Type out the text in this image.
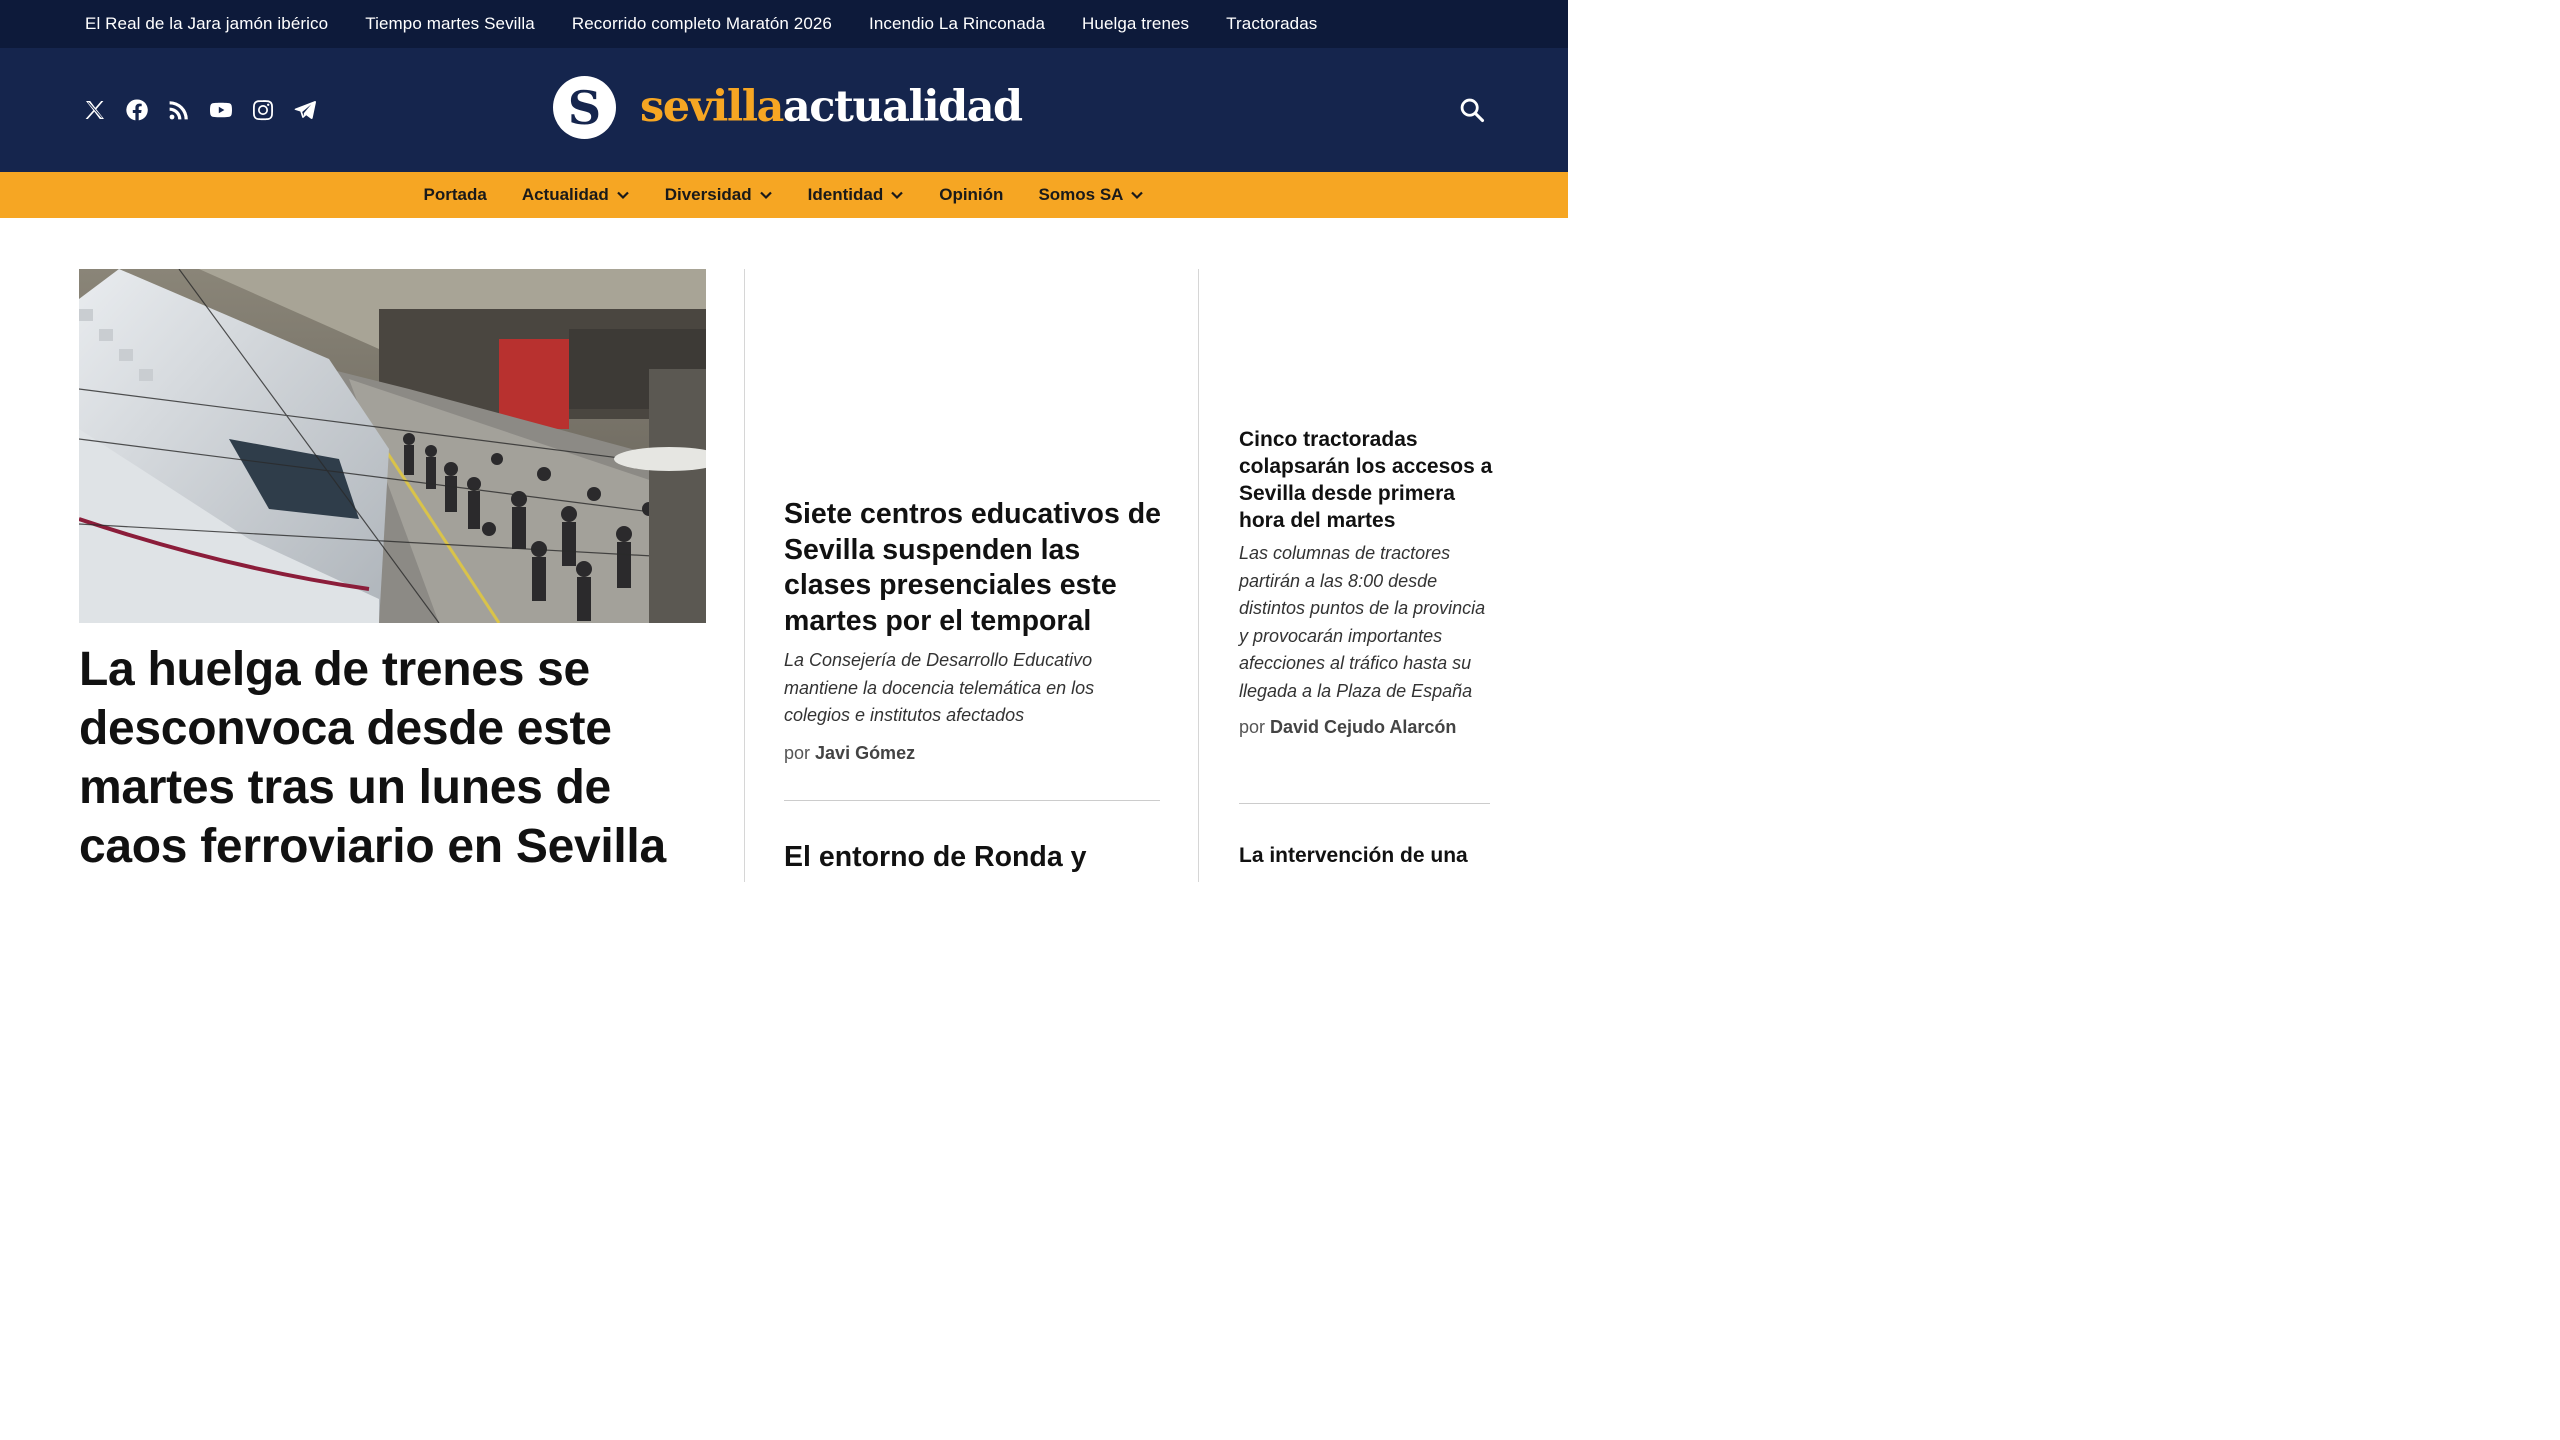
El Real de la Jara jamón ibérico Tiempo martes Sevilla Recorrido completo Maratón 2026 Incendio La Rinconada Huelga trenes Tractoradas
S sevillaactualidad
Portada Actualidad	Diversidad	Identidad	Opinión Somos SA
La huelga de trenes se desconvoca desde este martes tras un lunes de caos ferroviario en Sevilla
Siete centros educativos de Sevilla suspenden las clases presenciales este martes por el temporal
La Consejería de Desarrollo Educativo mantiene la docencia telemática en los colegios e institutos afectados
por Javi Gómez
El entorno de Ronda y
Cinco tractoradas colapsarán los accesos a Sevilla desde primera hora del martes
Las columnas de tractores partirán a las 8:00 desde distintos puntos de la provincia y provocarán importantes afecciones al tráfico hasta su llegada a la Plaza de España
por David Cejudo Alarcón
La intervención de una
